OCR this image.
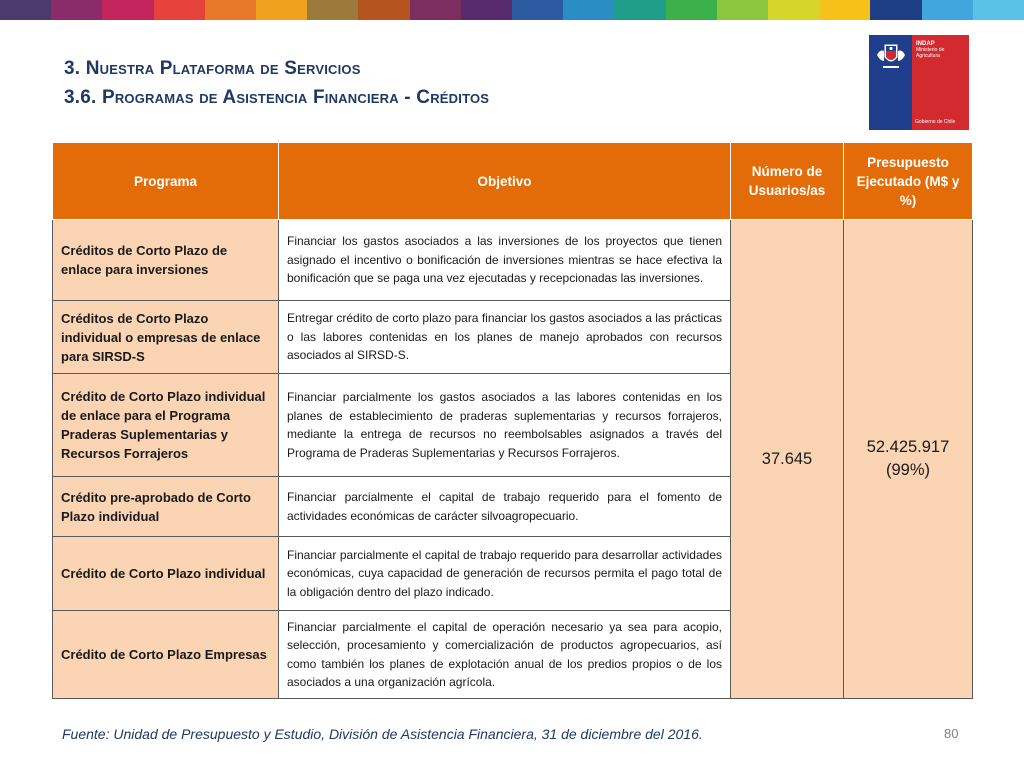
3. Nuestra Plataforma de Servicios
3.6. Programas de Asistencia Financiera - Créditos
INDAP
Ministerio de Agricultura
Gobierno de Chile
Programa	Objetivo	Número de Usuarios/as	Presupuesto Ejecutado (M$ y %)
Créditos de Corto Plazo de enlace para inversiones	Financiar los gastos asociados a las inversiones de los proyectos que tienen asignado el incentivo o bonificación de inversiones mientras se hace efectiva la bonificación que se paga una vez ejecutadas y recepcionadas las inversiones.	37.645	52.425.917
(99%)
Créditos de Corto Plazo individual o empresas de enlace para SIRSD-S	Entregar crédito de corto plazo para financiar los gastos asociados a las prácticas o las labores contenidas en los planes de manejo aprobados con recursos asociados al SIRSD-S.		
Crédito de Corto Plazo individual de enlace para el Programa Praderas Suplementarias y Recursos Forrajeros	Financiar parcialmente los gastos asociados a las labores contenidas en los planes de establecimiento de praderas suplementarias y recursos forrajeros, mediante la entrega de recursos no reembolsables asignados a través del Programa de Praderas Suplementarias y Recursos Forrajeros.		
Crédito pre-aprobado de Corto Plazo individual	Financiar parcialmente el capital de trabajo requerido para el fomento de actividades económicas de carácter silvoagropecuario.		
Crédito de Corto Plazo individual	Financiar parcialmente el capital de trabajo requerido para desarrollar actividades económicas, cuya capacidad de generación de recursos permita el pago total de la obligación dentro del plazo indicado.		
Crédito de Corto Plazo Empresas	Financiar parcialmente el capital de operación necesario ya sea para acopio, selección, procesamiento y comercialización de productos agropecuarios, así como también los planes de explotación anual de los predios propios o de los asociados a una organización agrícola.		
Fuente: Unidad de Presupuesto y Estudio, División de Asistencia Financiera, 31 de diciembre del 2016.	80
